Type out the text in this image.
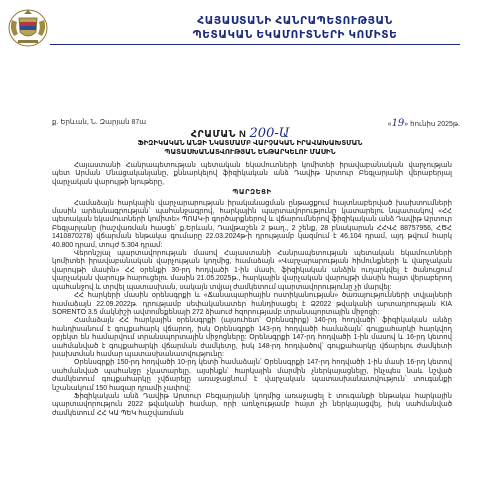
ՀԱՅԱՍՏԱՆԻ ՀԱՆՐԱՊԵՏՈՒԹՅԱՆ
ՊԵՏԱԿԱՆ ԵԿԱՄՈՒՏՆԵՐԻ ԿՈՄԻՏԵ
ք. Երևան, Ն. Զարյան 87ա	«19» հունիս 2025թ.
ՀՐԱՄԱՆ N 200-Ա
ՖԻԶԻԿԱԿԱՆ ԱՆՁԻ ՆԿԱՏՄԱՄԲ ՎԱՐՉԱԿԱՆ ԻՐԱՎԱԽԱԽՏՄԱՆ
ՊԱՏԱՍԽԱՆԱՏՎՈՒԹՅԱՆ ԵՆԹԱՐԿԵԼՈՒ ՄԱՍԻՆ

Հայաստանի Հանրապետության պետական եկամուտների կոմիտեի իրավաբանական վարչության պետ Արման Մնացականյանը, քննարկելով ֆիզիկական անձ Դավիթ Արտուր Բեգլարյանի վերաբերյալ վարչական վարույթի նյութերը,

ՊԱՐԶԵՑԻ

Համաձայն հարկային վարչարարության իրականացման ընթացքում հայտնաբերված խախտումների մասին արձանագրության՝ պահանջագրով, հարկային պարտավորությունը կատարելու նպատակով «ՀՀ պետական եկամուտների կոմիտե» ՊՈԱԿ-ի գործարքներով և վճարումներով ֆիզիկական անձ Դավիթ Արտուր Բեգլարյանը (հաշվառման հասցե՝ ք.Երևան, Դավթաշեն 2 թաղ., 2 շենք, 28 բնակարան ՀՀՎՀ 88757956, ՀԾՀ 1410870278) վճարման ենթակա գումարը 22.03.2024թ-ի դրությամբ կազմում է 46.104 դրամ, այդ թվում հարկ 40.800 դրամ, տույժ 5.304 դրամ:

Վերոնշյալ պարտավորության մասով Հայաստանի Հանրապետության պետական եկամուտների կոմիտեի իրավաբանական վարչության կողմից, համաձայն «Վարչարարության հիմունքների և վարչական վարույթի մասին» ՀՀ օրենքի 30-րդ հոդվածի 1-ին մասի, ֆիզիկական անձին ուղարկվել է ծանուցում վարչական վարույթ հարուցելու մասին 21.05.2025թ., հարկային վարչական վարույթի մասին հայտ վերաբերող պահանջով և տրվել պատասխան, սակայն տվյալ ժամկետում պարտավորությունը չի մարվել:

ՀՀ հարկերի մասին օրենսգրքի և «Ճանապարհային ոստիկանության» ծառայությունների տվյալների համաձայն 22.09.2022թ. դրությամբ սեփականատեր հանդիսացել է Ձ2022 թվականի արտադրության KIA SORENTO 3.5 մակնիշի ավտոմեքենայի 272 ձիաուժ հզորությամբ տրանսպորտային միջոցի:

Համաձայն ՀՀ հարկային օրենսգրքի (այսուհետ՝ Օրենսգիրք) 140-րդ հոդվածի՝ ֆիզիկական անձը հանդիսանում է գույքահարկ վճարող, իսկ Օրենսգրքի 143-րդ հոդվածի համաձայն՝ գույքահարկի հարկվող օբյեկտ են համարվում տրանսպորտային միջոցները: Օրենսգրքի 147-րդ հոդվածի 1-ին մասով և 16-րդ կետով սահմանված է գույքահարկի վճարման ժամկետը, իսկ 148-րդ հոդվածով՝ գույքահարկը վճարելու ժամկետի խախտման համար պատասխանատվությունը:

Օրենսգրքի 150-րդ հոդվածի 10-րդ կետի համաձայն՝ Օրենսգրքի 147-րդ հոդվածի 1-ին մասի 16-րդ կետով սահմանված պահանջը չկատարելը, այսինքն՝ հարկային մարմին չներկայացնելը, ինչպես նաև նշված ժամկետում գույքահարկը չվճարելը առաջացնում է վարչական պատասխանատվություն՝ տուգանքի նշանակում 150 հազար դրամի չափով:

Ֆիզիկական անձ Դավիթ Արտուր Բեգլարյանի կողմից առաջացել է տուգանքի ենթակա հարկային պարտավորություն 2022 թվականի համար, որի առնչությամբ հայտ չի ներկայացվել, իսկ սահմանված ժամկետում ՀՀ ԿԱ ՊԵԿ հաշվառման
